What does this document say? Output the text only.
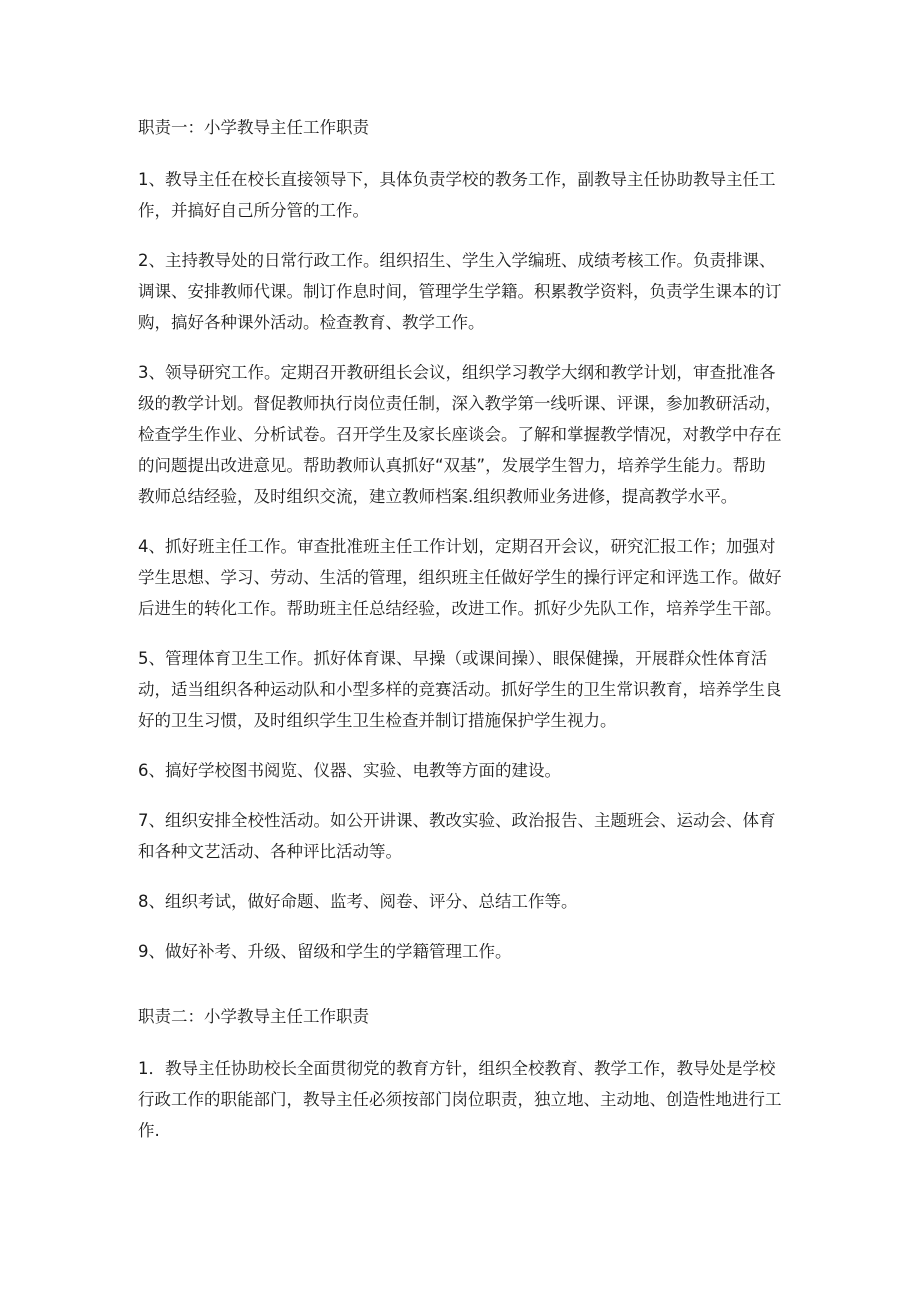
职责一：小学教导主任工作职责

1、教导主任在校长直接领导下，具体负责学校的教务工作，副教导主任协助教导主任工作，并搞好自己所分管的工作。

2、主持教导处的日常行政工作。组织招生、学生入学编班、成绩考核工作。负责排课、调课、安排教师代课。制订作息时间，管理学生学籍。积累教学资料，负责学生课本的订购，搞好各种课外活动。检查教育、教学工作。

3、领导研究工作。定期召开教研组长会议，组织学习教学大纲和教学计划，审查批准各级的教学计划。督促教师执行岗位责任制，深入教学第一线听课、评课，参加教研活动，检查学生作业、分析试卷。召开学生及家长座谈会。了解和掌握教学情况，对教学中存在的问题提出改进意见。帮助教师认真抓好“双基”，发展学生智力，培养学生能力。帮助教师总结经验，及时组织交流，建立教师档案.组织教师业务进修，提高教学水平。

4、抓好班主任工作。审查批准班主任工作计划，定期召开会议，研究汇报工作；加强对学生思想、学习、劳动、生活的管理，组织班主任做好学生的操行评定和评选工作。做好后进生的转化工作。帮助班主任总结经验，改进工作。抓好少先队工作，培养学生干部。

5、管理体育卫生工作。抓好体育课、早操（或课间操）、眼保健操，开展群众性体育活动，适当组织各种运动队和小型多样的竞赛活动。抓好学生的卫生常识教育，培养学生良好的卫生习惯，及时组织学生卫生检查并制订措施保护学生视力。

6、搞好学校图书阅览、仪器、实验、电教等方面的建设。

7、组织安排全校性活动。如公开讲课、教改实验、政治报告、主题班会、运动会、体育和各种文艺活动、各种评比活动等。

8、组织考试，做好命题、监考、阅卷、评分、总结工作等。

9、做好补考、升级、留级和学生的学籍管理工作。

职责二：小学教导主任工作职责

1．教导主任协助校长全面贯彻党的教育方针，组织全校教育、教学工作，教导处是学校行政工作的职能部门，教导主任必须按部门岗位职责，独立地、主动地、创造性地进行工作.
